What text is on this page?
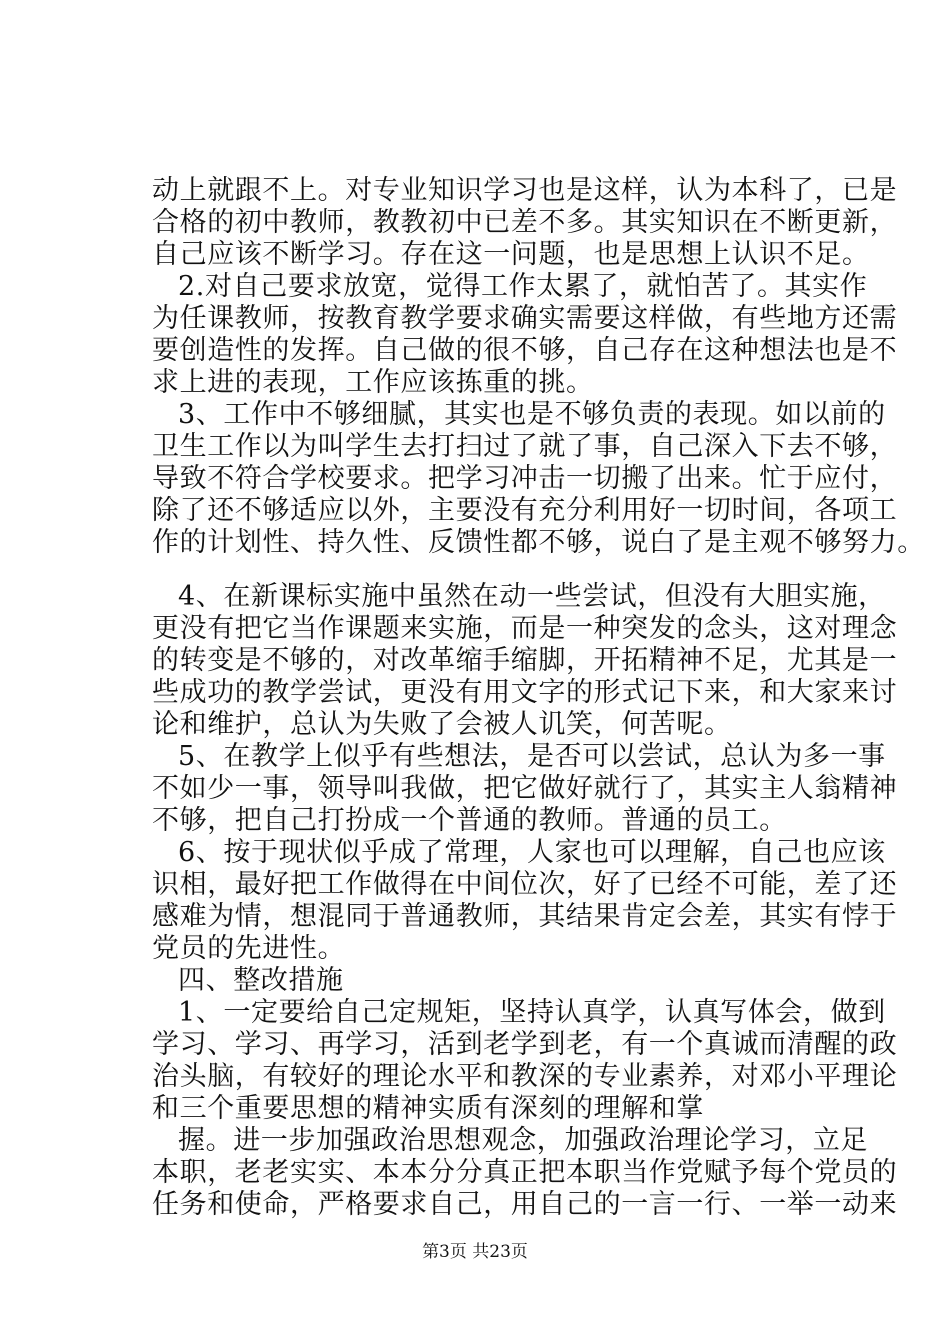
动上就跟不上。对专业知识学习也是这样，认为本科了，已是
合格的初中教师，教教初中已差不多。其实知识在不断更新，
自己应该不断学习。存在这一问题，也是思想上认识不足。
2.对自己要求放宽，觉得工作太累了，就怕苦了。其实作
为任课教师，按教育教学要求确实需要这样做，有些地方还需
要创造性的发挥。自己做的很不够，自己存在这种想法也是不
求上进的表现，工作应该拣重的挑。
3、工作中不够细腻，其实也是不够负责的表现。如以前的
卫生工作以为叫学生去打扫过了就了事，自己深入下去不够，
导致不符合学校要求。把学习冲击一切搬了出来。忙于应付，
除了还不够适应以外，主要没有充分利用好一切时间，各项工
作的计划性、持久性、反馈性都不够，说白了是主观不够努力。
4、在新课标实施中虽然在动一些尝试，但没有大胆实施，
更没有把它当作课题来实施，而是一种突发的念头，这对理念
的转变是不够的，对改革缩手缩脚，开拓精神不足，尤其是一
些成功的教学尝试，更没有用文字的形式记下来，和大家来讨
论和维护，总认为失败了会被人讥笑，何苦呢。
5、在教学上似乎有些想法，是否可以尝试，总认为多一事
不如少一事，领导叫我做，把它做好就行了，其实主人翁精神
不够，把自己打扮成一个普通的教师。普通的员工。
6、按于现状似乎成了常理，人家也可以理解，自己也应该
识相，最好把工作做得在中间位次，好了已经不可能，差了还
感难为情，想混同于普通教师，其结果肯定会差，其实有悖于
党员的先进性。
四、整改措施
1、一定要给自己定规矩，坚持认真学，认真写体会，做到
学习、学习、再学习，活到老学到老，有一个真诚而清醒的政
治头脑，有较好的理论水平和教深的专业素养，对邓小平理论
和三个重要思想的精神实质有深刻的理解和掌
握。进一步加强政治思想观念，加强政治理论学习，立足
本职，老老实实、本本分分真正把本职当作党赋予每个党员的
任务和使命，严格要求自己，用自己的一言一行、一举一动来
第3页 共23页
